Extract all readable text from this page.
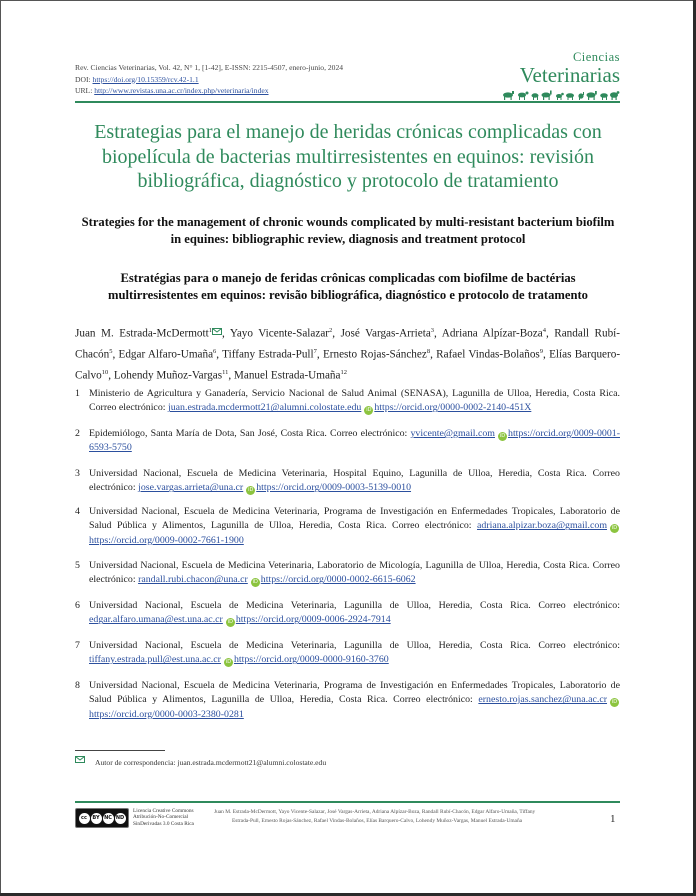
Rev. Ciencias Veterinarias, Vol. 42, N° 1, [1-42], E-ISSN: 2215-4507, enero-junio, 2024
DOI: https://doi.org/10.15359/rcv.42-1.1
URL: http://www.revistas.una.ac.cr/index.php/veterinaria/index
Ciencias
Veterinarias
Estrategias para el manejo de heridas crónicas complicadas con biopelícula de bacterias multirresistentes en equinos: revisión bibliográfica, diagnóstico y protocolo de tratamiento
Strategies for the management of chronic wounds complicated by multi-resistant bacterium biofilm in equines: bibliographic review, diagnosis and treatment protocol
Estratégias para o manejo de feridas crônicas complicadas com biofilme de bactérias multirresistentes em equinos: revisão bibliográfica, diagnóstico e protocolo de tratamento
Juan M. Estrada-McDermott$^1$ , Yayo Vicente-Salazar$^2$, José Vargas-Arrieta$^3$, Adriana Alpízar-Boza$^4$, Randall Rubí-Chacón$^5$, Edgar Alfaro-Umaña$^6$, Tiffany Estrada-Pull$^7$, Ernesto Rojas-Sánchez$^8$, Rafael Vindas-Bolaños$^9$, Elías Barquero-Calvo$^{10}$, Lohendy Muñoz-Vargas$^{11}$, Manuel Estrada-Umaña$^{12}$
1 Ministerio de Agricultura y Ganadería, Servicio Nacional de Salud Animal (SENASA), Lagunilla de Ulloa, Heredia, Costa Rica. Correo electrónico: juan.estrada.mcdermott21@alumni.colostate.edu iD https://orcid.org/0000-0002-2140-451X
2 Epidemiólogo, Santa María de Dota, San José, Costa Rica. Correo electrónico: yvicente@gmail.com iD https://orcid.org/0009-0001-6593-5750
3 Universidad Nacional, Escuela de Medicina Veterinaria, Hospital Equino, Lagunilla de Ulloa, Heredia, Costa Rica. Correo electrónico: jose.vargas.arrieta@una.cr iD https://orcid.org/0009-0003-5139-0010
4 Universidad Nacional, Escuela de Medicina Veterinaria, Programa de Investigación en Enfermedades Tropicales, Laboratorio de Salud Pública y Alimentos, Lagunilla de Ulloa, Heredia, Costa Rica. Correo electrónico: adriana.alpizar.boza@gmail.com iDhttps://orcid.org/0009-0002-7661-1900
5 Universidad Nacional, Escuela de Medicina Veterinaria, Laboratorio de Micología, Lagunilla de Ulloa, Heredia, Costa Rica. Correo electrónico: randall.rubi.chacon@una.cr iD https://orcid.org/0000-0002-6615-6062
6 Universidad Nacional, Escuela de Medicina Veterinaria, Lagunilla de Ulloa, Heredia, Costa Rica. Correo electrónico: edgar.alfaro.umana@est.una.ac.cr iD https://orcid.org/0009-0006-2924-7914
7 Universidad Nacional, Escuela de Medicina Veterinaria, Lagunilla de Ulloa, Heredia, Costa Rica. Correo electrónico: tiffany.estrada.pull@est.una.ac.cr iD https://orcid.org/0009-0000-9160-3760
8 Universidad Nacional, Escuela de Medicina Veterinaria, Programa de Investigación en Enfermedades Tropicales, Laboratorio de Salud Pública y Alimentos, Lagunilla de Ulloa, Heredia, Costa Rica. Correo electrónico: ernesto.rojas.sanchez@una.ac.cr iDhttps://orcid.org/0000-0003-2380-0281
Autor de correspondencia: juan.estrada.mcdermott21@alumni.colostate.edu
cc	BY NC ND
Licencia Creative Commons
Atribución-No-Comercial
SinDerivadas 3.0 Costa Rica
Juan M. Estrada-McDermott, Yayo Vicente-Salazar, José Vargas-Arrieta, Adriana Alpízar-Boza, Randall Rubí-Chacón, Edgar Alfaro-Umaña, Tiffany
Estrada-Pull, Ernesto Rojas-Sánchez, Rafael Vindas-Bolaños, Elías Barquero-Calvo, Lohendy Muñoz-Vargas, Manuel Estrada-Umaña	1
